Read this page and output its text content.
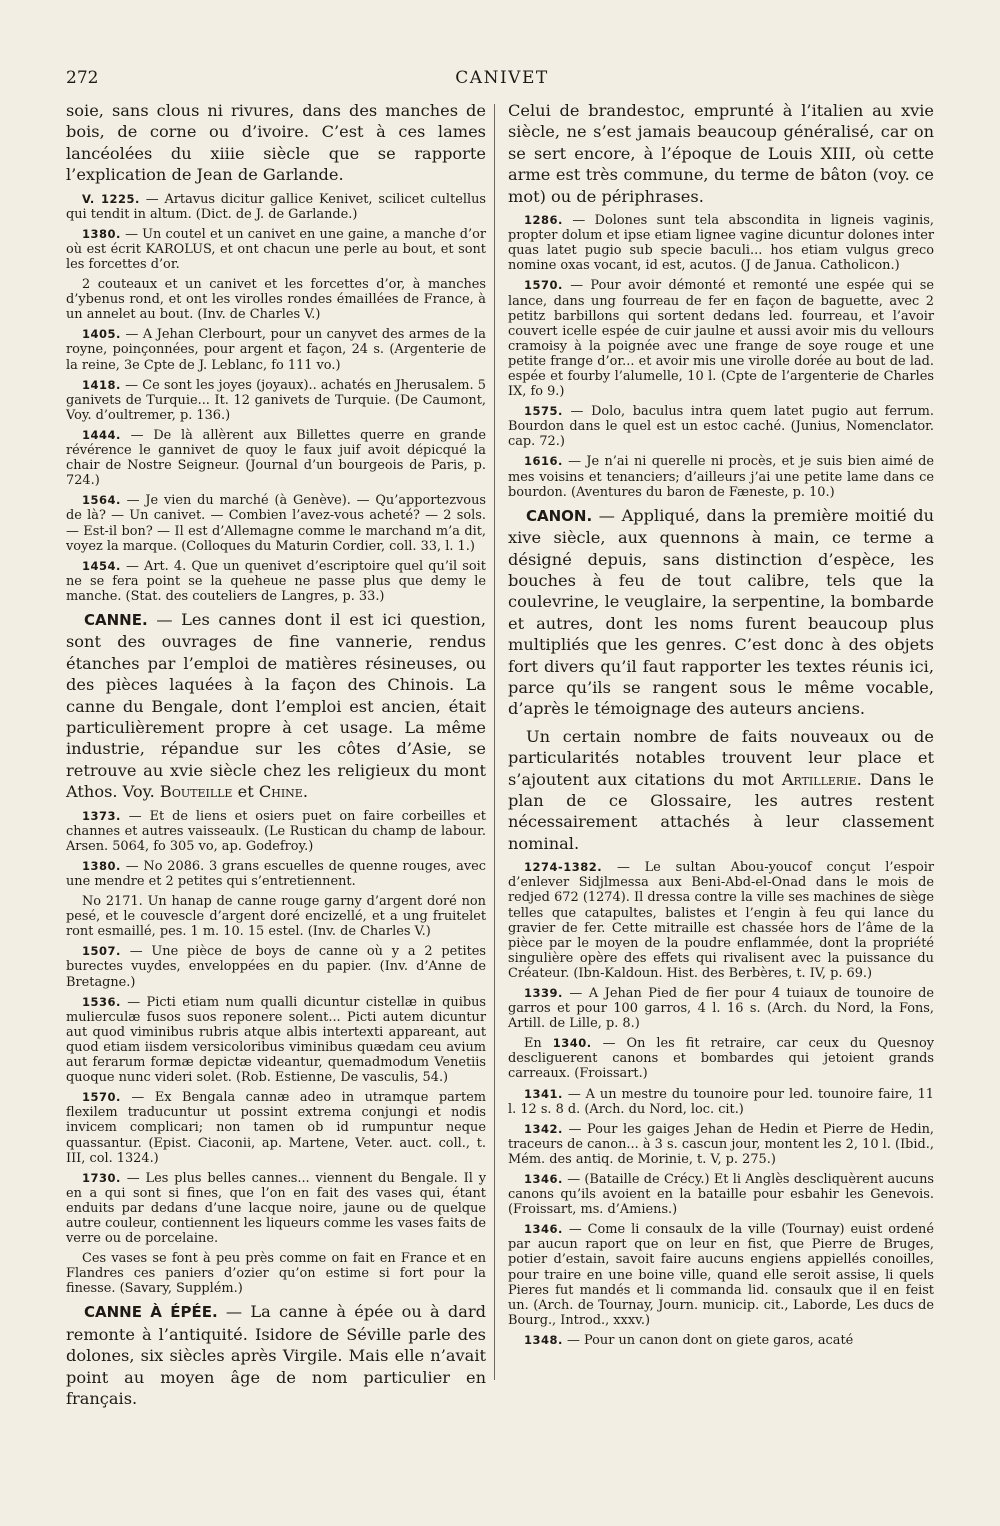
272	CANIVET

soie, sans clous ni rivures, dans des manches de bois, de corne ou d’ivoire. C’est à ces lames lancéolées du xiiie siècle que se rapporte l’explication de Jean de Garlande.

V. 1225. — Artavus dicitur gallice Kenivet, scilicet cultellus qui tendit in altum. (Dict. de J. de Garlande.)

1380. — Un coutel et un canivet en une gaine, a manche d’or où est écrit KAROLUS, et ont chacun une perle au bout, et sont les forcettes d’or.

2 couteaux et un canivet et les forcettes d’or, à manches d’ybenus rond, et ont les virolles rondes émaillées de France, à un annelet au bout. (Inv. de Charles V.)

1405. — A Jehan Clerbourt, pour un canyvet des armes de la royne, poinçonnées, pour argent et façon, 24 s. (Argenterie de la reine, 3e Cpte de J. Leblanc, fo 111 vo.)

1418. — Ce sont les joyes (joyaux).. achatés en Jherusalem. 5 ganivets de Turquie... It. 12 ganivets de Turquie. (De Caumont, Voy. d’oultremer, p. 136.)

1444. — De là allèrent aux Billettes querre en grande révérence le gannivet de quoy le faux juif avoit dépicqué la chair de Nostre Seigneur. (Journal d’un bourgeois de Paris, p. 724.)

1564. — Je vien du marché (à Genève). — Qu’apportezvous de là? — Un canivet. — Combien l’avez-vous acheté? — 2 sols. — Est-il bon? — Il est d’Allemagne comme le marchand m’a dit, voyez la marque. (Colloques du Maturin Cordier, coll. 33, l. 1.)

1454. — Art. 4. Que un quenivet d’escriptoire quel qu’il soit ne se fera point se la queheue ne passe plus que demy le manche. (Stat. des couteliers de Langres, p. 33.)

CANNE. — Les cannes dont il est ici question, sont des ouvrages de fine vannerie, rendus étanches par l’emploi de matières résineuses, ou des pièces laquées à la façon des Chinois. La canne du Bengale, dont l’emploi est ancien, était particulièrement propre à cet usage. La même industrie, répandue sur les côtes d’Asie, se retrouve au xvie siècle chez les religieux du mont Athos. Voy. Bouteille et Chine.

1373. — Et de liens et osiers puet on faire corbeilles et channes et autres vaisseaulx. (Le Rustican du champ de labour. Arsen. 5064, fo 305 vo, ap. Godefroy.)

1380. — No 2086. 3 grans escuelles de quenne rouges, avec une mendre et 2 petites qui s’entretiennent.

No 2171. Un hanap de canne rouge garny d’argent doré non pesé, et le couvescle d’argent doré encizellé, et a ung fruitelet ront esmaillé, pes. 1 m. 10. 15 estel. (Inv. de Charles V.)

1507. — Une pièce de boys de canne où y a 2 petites burectes vuydes, enveloppées en du papier. (Inv. d’Anne de Bretagne.)

1536. — Picti etiam num qualli dicuntur cistellæ in quibus mulierculæ fusos suos reponere solent... Picti autem dicuntur aut quod viminibus rubris atque albis intertexti appareant, aut quod etiam iisdem versicoloribus viminibus quædam ceu avium aut ferarum formæ depictæ videantur, quemadmodum Venetiis quoque nunc videri solet. (Rob. Estienne, De vasculis, 54.)

1570. — Ex Bengala cannæ adeo in utramque partem flexilem traducuntur ut possint extrema conjungi et nodis invicem complicari; non tamen ob id rumpuntur neque quassantur. (Epist. Ciaconii, ap. Martene, Veter. auct. coll., t. III, col. 1324.)

1730. — Les plus belles cannes... viennent du Bengale. Il y en a qui sont si fines, que l’on en fait des vases qui, étant enduits par dedans d’une lacque noire, jaune ou de quelque autre couleur, contiennent les liqueurs comme les vases faits de verre ou de porcelaine.

Ces vases se font à peu près comme on fait en France et en Flandres ces paniers d’ozier qu’on estime si fort pour la finesse. (Savary, Supplém.)

CANNE À ÉPÉE. — La canne à épée ou à dard remonte à l’antiquité. Isidore de Séville parle des dolones, six siècles après Virgile. Mais elle n’avait point au moyen âge de nom particulier en français.

Celui de brandestoc, emprunté à l’italien au xvie siècle, ne s’est jamais beaucoup généralisé, car on se sert encore, à l’époque de Louis XIII, où cette arme est très commune, du terme de bâton (voy. ce mot) ou de périphrases.

1286. — Dolones sunt tela abscondita in ligneis vaginis, propter dolum et ipse etiam lignee vagine dicuntur dolones inter quas latet pugio sub specie baculi... hos etiam vulgus greco nomine oxas vocant, id est, acutos. (J de Janua. Catholicon.)

1570. — Pour avoir démonté et remonté une espée qui se lance, dans ung fourreau de fer en façon de baguette, avec 2 petitz barbillons qui sortent dedans led. fourreau, et l’avoir couvert icelle espée de cuir jaulne et aussi avoir mis du vellours cramoisy à la poignée avec une frange de soye rouge et une petite frange d’or... et avoir mis une virolle dorée au bout de lad. espée et fourby l’alumelle, 10 l. (Cpte de l’argenterie de Charles IX, fo 9.)

1575. — Dolo, baculus intra quem latet pugio aut ferrum. Bourdon dans le quel est un estoc caché. (Junius, Nomenclator. cap. 72.)

1616. — Je n’ai ni querelle ni procès, et je suis bien aimé de mes voisins et tenanciers; d’ailleurs j’ai une petite lame dans ce bourdon. (Aventures du baron de Fæneste, p. 10.)

CANON. — Appliqué, dans la première moitié du xive siècle, aux quennons à main, ce terme a désigné depuis, sans distinction d’espèce, les bouches à feu de tout calibre, tels que la coulevrine, le veuglaire, la serpentine, la bombarde et autres, dont les noms furent beaucoup plus multipliés que les genres. C’est donc à des objets fort divers qu’il faut rapporter les textes réunis ici, parce qu’ils se rangent sous le même vocable, d’après le témoignage des auteurs anciens.

Un certain nombre de faits nouveaux ou de particularités notables trouvent leur place et s’ajoutent aux citations du mot Artillerie. Dans le plan de ce Glossaire, les autres restent nécessairement attachés à leur classement nominal.

1274-1382. — Le sultan Abou-youcof conçut l’espoir d’enlever Sidjlmessa aux Beni-Abd-el-Onad dans le mois de redjed 672 (1274). Il dressa contre la ville ses machines de siège telles que catapultes, balistes et l’engin à feu qui lance du gravier de fer. Cette mitraille est chassée hors de l’âme de la pièce par le moyen de la poudre enflammée, dont la propriété singulière opère des effets qui rivalisent avec la puissance du Créateur. (Ibn-Kaldoun. Hist. des Berbères, t. IV, p. 69.)

1339. — A Jehan Pied de fier pour 4 tuiaux de tounoire de garros et pour 100 garros, 4 l. 16 s. (Arch. du Nord, la Fons, Artill. de Lille, p. 8.)

En 1340. — On les fit retraire, car ceux du Quesnoy descliguerent canons et bombardes qui jetoient grands carreaux. (Froissart.)

1341. — A un mestre du tounoire pour led. tounoire faire, 11 l. 12 s. 8 d. (Arch. du Nord, loc. cit.)

1342. — Pour les gaiges Jehan de Hedin et Pierre de Hedin, traceurs de canon... à 3 s. cascun jour, montent les 2, 10 l. (Ibid., Mém. des antiq. de Morinie, t. V, p. 275.)

1346. — (Bataille de Crécy.) Et li Anglès descliquèrent aucuns canons qu’ils avoient en la bataille pour esbahir les Genevois. (Froissart, ms. d’Amiens.)

1346. — Come li consaulx de la ville (Tournay) euist ordené par aucun raport que on leur en fist, que Pierre de Bruges, potier d’estain, savoit faire aucuns engiens appiellés conoilles, pour traire en une boine ville, quand elle seroit assise, li quels Pieres fut mandés et li commanda lid. consaulx que il en feist un. (Arch. de Tournay, Journ. municip. cit., Laborde, Les ducs de Bourg., Introd., xxxv.)

1348. — Pour un canon dont on giete garos, acaté
